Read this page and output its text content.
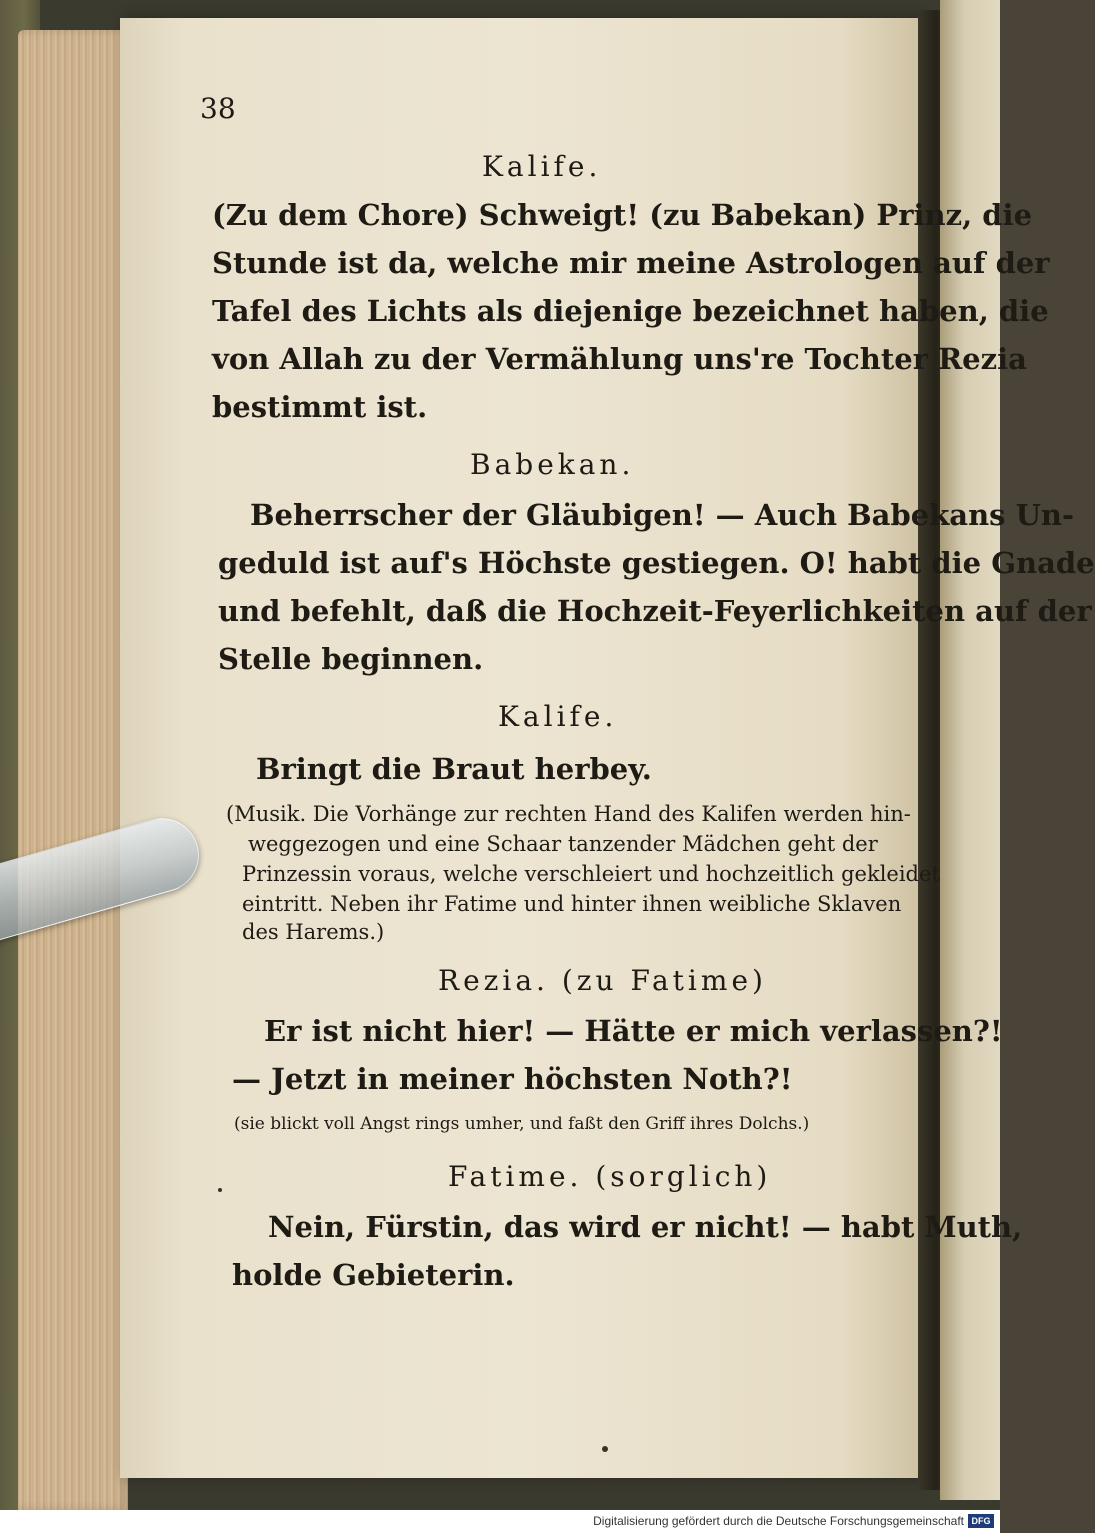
38
Kalife.
(Zu dem Chore) Schweigt! (zu Babekan) Prinz, die
Stunde ist da, welche mir meine Astrologen auf der
Tafel des Lichts als diejenige bezeichnet haben, die
von Allah zu der Vermählung uns're Tochter Rezia
bestimmt ist.
Babekan.
Beherrscher der Gläubigen! — Auch Babekans Un-
geduld ist auf's Höchste gestiegen. O! habt die Gnade
und befehlt, daß die Hochzeit-Feyerlichkeiten auf der
Stelle beginnen.
Kalife.
Bringt die Braut herbey.
(Musik. Die Vorhänge zur rechten Hand des Kalifen werden hin-
weggezogen und eine Schaar tanzender Mädchen geht der
Prinzessin voraus, welche verschleiert und hochzeitlich gekleidet
eintritt. Neben ihr Fatime und hinter ihnen weibliche Sklaven
des Harems.)
Rezia. (zu Fatime)
Er ist nicht hier! — Hätte er mich verlassen?!
— Jetzt in meiner höchsten Noth?!
(sie blickt voll Angst rings umher, und faßt den Griff ihres Dolchs.)
Fatime. (sorglich)
Nein, Fürstin, das wird er nicht! — habt Muth,
holde Gebieterin.
Digitalisierung gefördert durch die Deutsche Forschungsgemeinschaft DFG
